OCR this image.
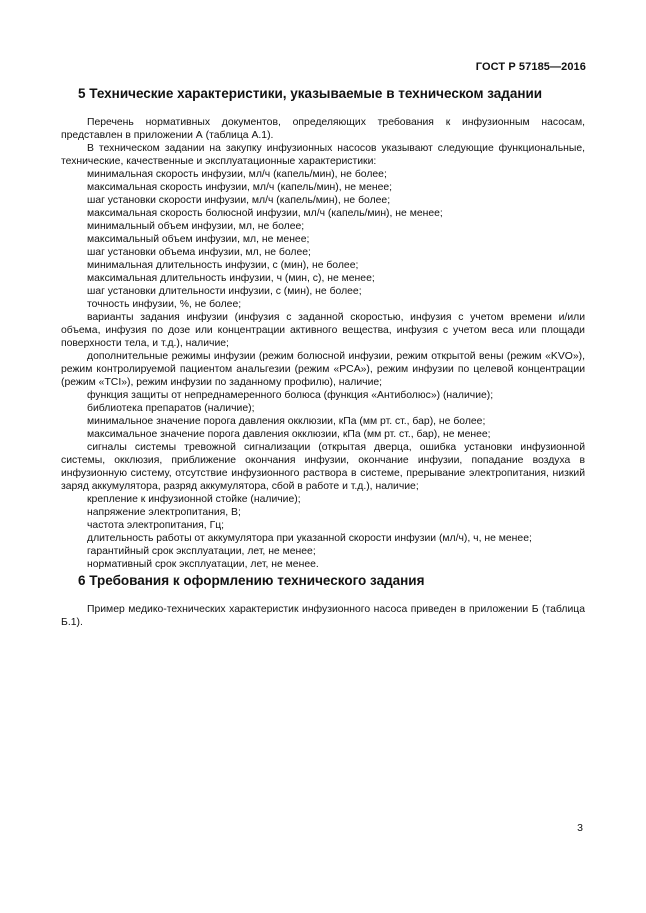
ГОСТ Р 57185—2016
5 Технические характеристики, указываемые в техническом задании

Перечень нормативных документов, определяющих требования к инфузионным насосам, представлен в приложении А (таблица А.1).

В техническом задании на закупку инфузионных насосов указывают следующие функциональные, технические, качественные и эксплуатационные характеристики:

минимальная скорость инфузии, мл/ч (капель/мин), не более;

максимальная скорость инфузии, мл/ч (капель/мин), не менее;

шаг установки скорости инфузии, мл/ч (капель/мин), не более;

максимальная скорость болюсной инфузии, мл/ч (капель/мин), не менее;

минимальный объем инфузии, мл, не более;

максимальный объем инфузии, мл, не менее;

шаг установки объема инфузии, мл, не более;

минимальная длительность инфузии, с (мин), не более;

максимальная длительность инфузии, ч (мин, с), не менее;

шаг установки длительности инфузии, с (мин), не более;

точность инфузии, %, не более;

варианты задания инфузии (инфузия с заданной скоростью, инфузия с учетом времени и/или объема, инфузия по дозе или концентрации активного вещества, инфузия с учетом веса или площади поверхности тела, и т.д.), наличие;

дополнительные режимы инфузии (режим болюсной инфузии, режим открытой вены (режим «KVO»), режим контролируемой пациентом анальгезии (режим «PCA»), режим инфузии по целевой концентрации (режим «TCI»), режим инфузии по заданному профилю), наличие;

функция защиты от непреднамеренного болюса (функция «Антиболюс») (наличие);

библиотека препаратов (наличие);

минимальное значение порога давления окклюзии, кПа (мм рт. ст., бар), не более;

максимальное значение порога давления окклюзии, кПа (мм рт. ст., бар), не менее;

сигналы системы тревожной сигнализации (открытая дверца, ошибка установки инфузионной системы, окклюзия, приближение окончания инфузии, окончание инфузии, попадание воздуха в инфузионную систему, отсутствие инфузионного раствора в системе, прерывание электропитания, низкий заряд аккумулятора, разряд аккумулятора, сбой в работе и т.д.), наличие;

крепление к инфузионной стойке (наличие);

напряжение электропитания, В;

частота электропитания, Гц;

длительность работы от аккумулятора при указанной скорости инфузии (мл/ч), ч, не менее;

гарантийный срок эксплуатации, лет, не менее;

нормативный срок эксплуатации, лет, не менее.

6 Требования к оформлению технического задания

Пример медико-технических характеристик инфузионного насоса приведен в приложении Б (таблица Б.1).

3
